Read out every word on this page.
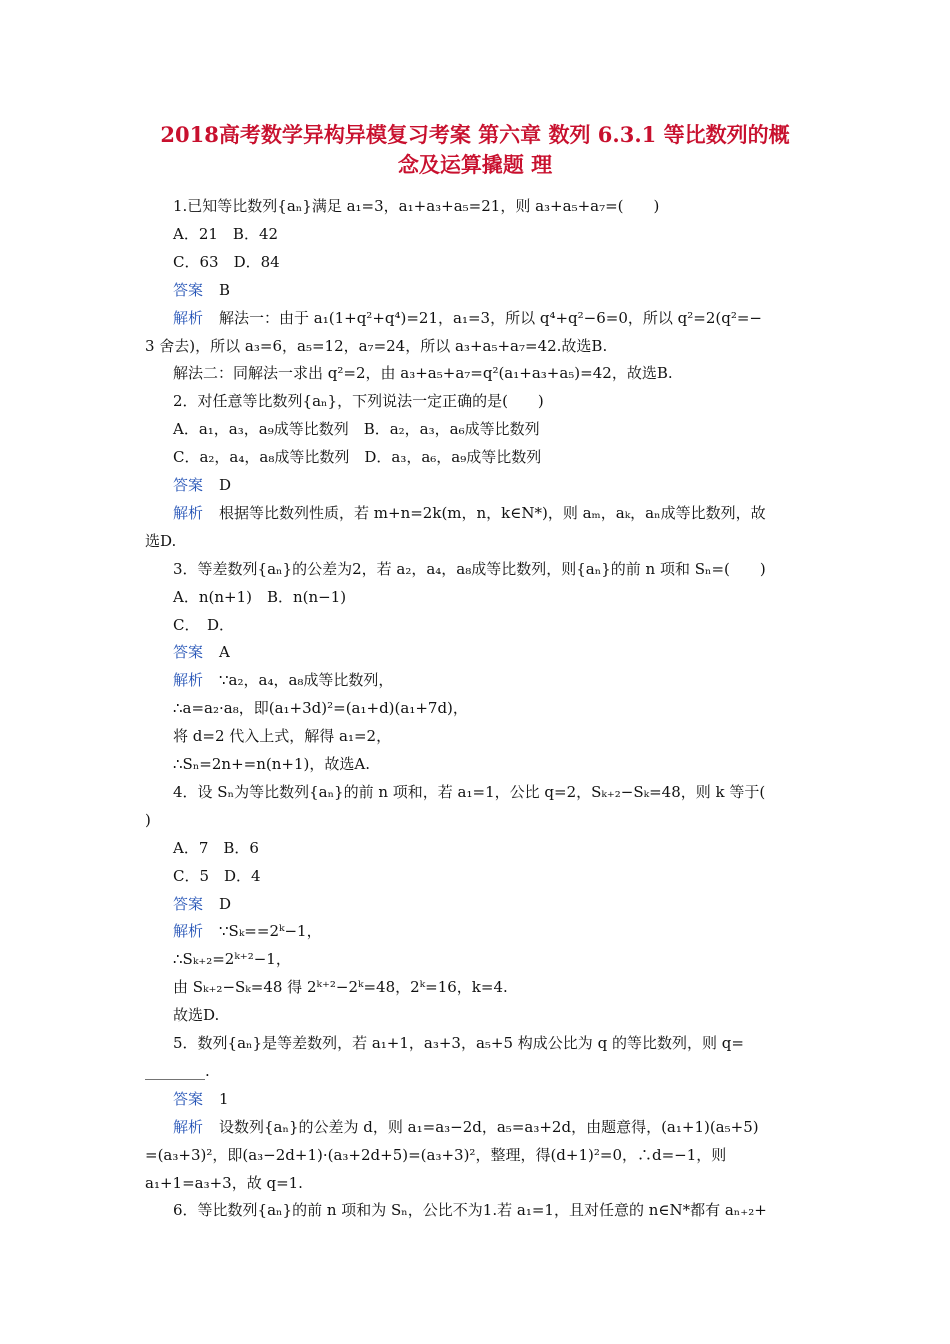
2018高考数学异构异模复习考案 第六章 数列 6.3.1 等比数列的概
念及运算撬题 理
1.已知等比数列{aₙ}满足 a₁=3，a₁+a₃+a₅=21，则 a₃+a₅+a₇=(　　)
A．21　B．42
C．63　D．84
答案 B
解析 解法一：由于 a₁(1+q²+q⁴)=21，a₁=3，所以 q⁴+q²−6=0，所以 q²=2(q²=−
3 舍去)，所以 a₃=6，a₅=12，a₇=24，所以 a₃+a₅+a₇=42.故选B.
解法二：同解法一求出 q²=2，由 a₃+a₅+a₇=q²(a₁+a₃+a₅)=42，故选B.
2．对任意等比数列{aₙ}，下列说法一定正确的是(　　)
A．a₁，a₃，a₉成等比数列　B．a₂，a₃，a₆成等比数列
C．a₂，a₄，a₈成等比数列　D．a₃，a₆，a₉成等比数列
答案 D
解析 根据等比数列性质，若 m+n=2k(m，n，k∈N*)，则 aₘ，aₖ，aₙ成等比数列，故
选D.
3．等差数列{aₙ}的公差为2，若 a₂，a₄，a₈成等比数列，则{aₙ}的前 n 项和 Sₙ=(　　)
A．n(n+1)　B．n(n−1)
C．　D．
答案 A
解析 ∵a₂，a₄，a₈成等比数列，
∴a=a₂·a₈，即(a₁+3d)²=(a₁+d)(a₁+7d)，
将 d=2 代入上式，解得 a₁=2，
∴Sₙ=2n+=n(n+1)，故选A.
4．设 Sₙ为等比数列{aₙ}的前 n 项和，若 a₁=1，公比 q=2，Sₖ₊₂−Sₖ=48，则 k 等于(
)
A．7　B．6
C．5　D．4
答案 D
解析 ∵Sₖ==2ᵏ−1，
∴Sₖ₊₂=2ᵏ⁺²−1，
由 Sₖ₊₂−Sₖ=48 得 2ᵏ⁺²−2ᵏ=48，2ᵏ=16，k=4.
故选D.
5．数列{aₙ}是等差数列，若 a₁+1，a₃+3，a₅+5 构成公比为 q 的等比数列，则 q=
________.
答案 1
解析 设数列{aₙ}的公差为 d，则 a₁=a₃−2d，a₅=a₃+2d，由题意得，(a₁+1)(a₅+5)
=(a₃+3)²，即(a₃−2d+1)·(a₃+2d+5)=(a₃+3)²，整理，得(d+1)²=0，∴d=−1，则
a₁+1=a₃+3，故 q=1.
6．等比数列{aₙ}的前 n 项和为 Sₙ，公比不为1.若 a₁=1，且对任意的 n∈N*都有 aₙ₊₂+
